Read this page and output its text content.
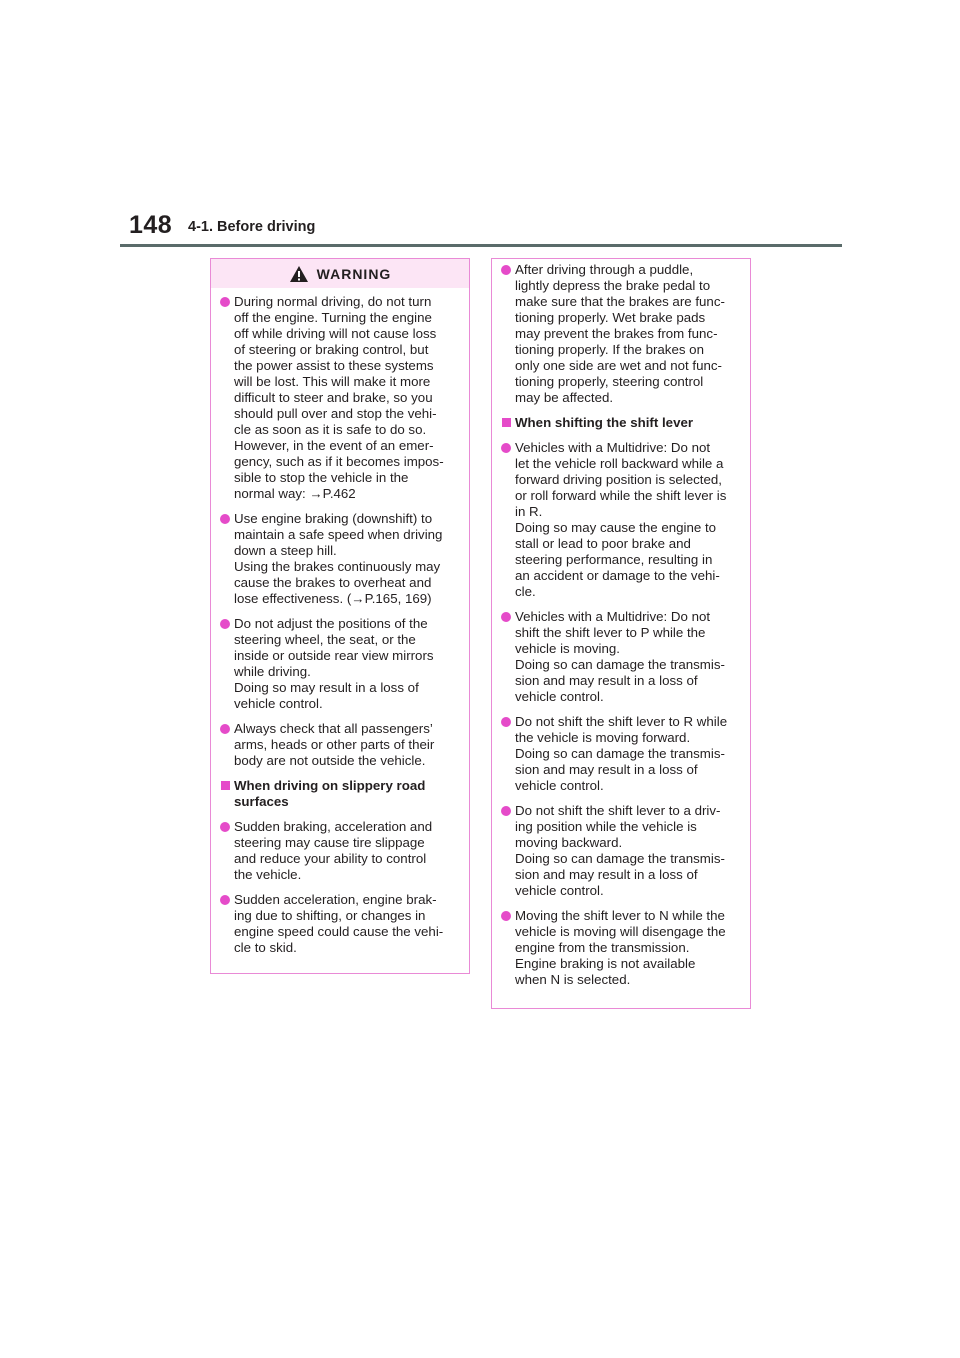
148 4-1. Before driving
WARNING
During normal driving, do not turn
off the engine. Turning the engine
off while driving will not cause loss
of steering or braking control, but
the power assist to these systems
will be lost. This will make it more
difficult to steer and brake, so you
should pull over and stop the vehi-
cle as soon as it is safe to do so.
However, in the event of an emer-
gency, such as if it becomes impos-
sible to stop the vehicle in the
normal way: →P.462
Use engine braking (downshift) to
maintain a safe speed when driving
down a steep hill.
Using the brakes continuously may
cause the brakes to overheat and
lose effectiveness. (→P.165, 169)
Do not adjust the positions of the
steering wheel, the seat, or the
inside or outside rear view mirrors
while driving.
Doing so may result in a loss of
vehicle control.
Always check that all passengers’
arms, heads or other parts of their
body are not outside the vehicle.
When driving on slippery road
surfaces
Sudden braking, acceleration and
steering may cause tire slippage
and reduce your ability to control
the vehicle.
Sudden acceleration, engine brak-
ing due to shifting, or changes in
engine speed could cause the vehi-
cle to skid.
After driving through a puddle,
lightly depress the brake pedal to
make sure that the brakes are func-
tioning properly. Wet brake pads
may prevent the brakes from func-
tioning properly. If the brakes on
only one side are wet and not func-
tioning properly, steering control
may be affected.
When shifting the shift lever
Vehicles with a Multidrive: Do not
let the vehicle roll backward while a
forward driving position is selected,
or roll forward while the shift lever is
in R.
Doing so may cause the engine to
stall or lead to poor brake and
steering performance, resulting in
an accident or damage to the vehi-
cle.
Vehicles with a Multidrive: Do not
shift the shift lever to P while the
vehicle is moving.
Doing so can damage the transmis-
sion and may result in a loss of
vehicle control.
Do not shift the shift lever to R while
the vehicle is moving forward.
Doing so can damage the transmis-
sion and may result in a loss of
vehicle control.
Do not shift the shift lever to a driv-
ing position while the vehicle is
moving backward.
Doing so can damage the transmis-
sion and may result in a loss of
vehicle control.
Moving the shift lever to N while the
vehicle is moving will disengage the
engine from the transmission.
Engine braking is not available
when N is selected.
